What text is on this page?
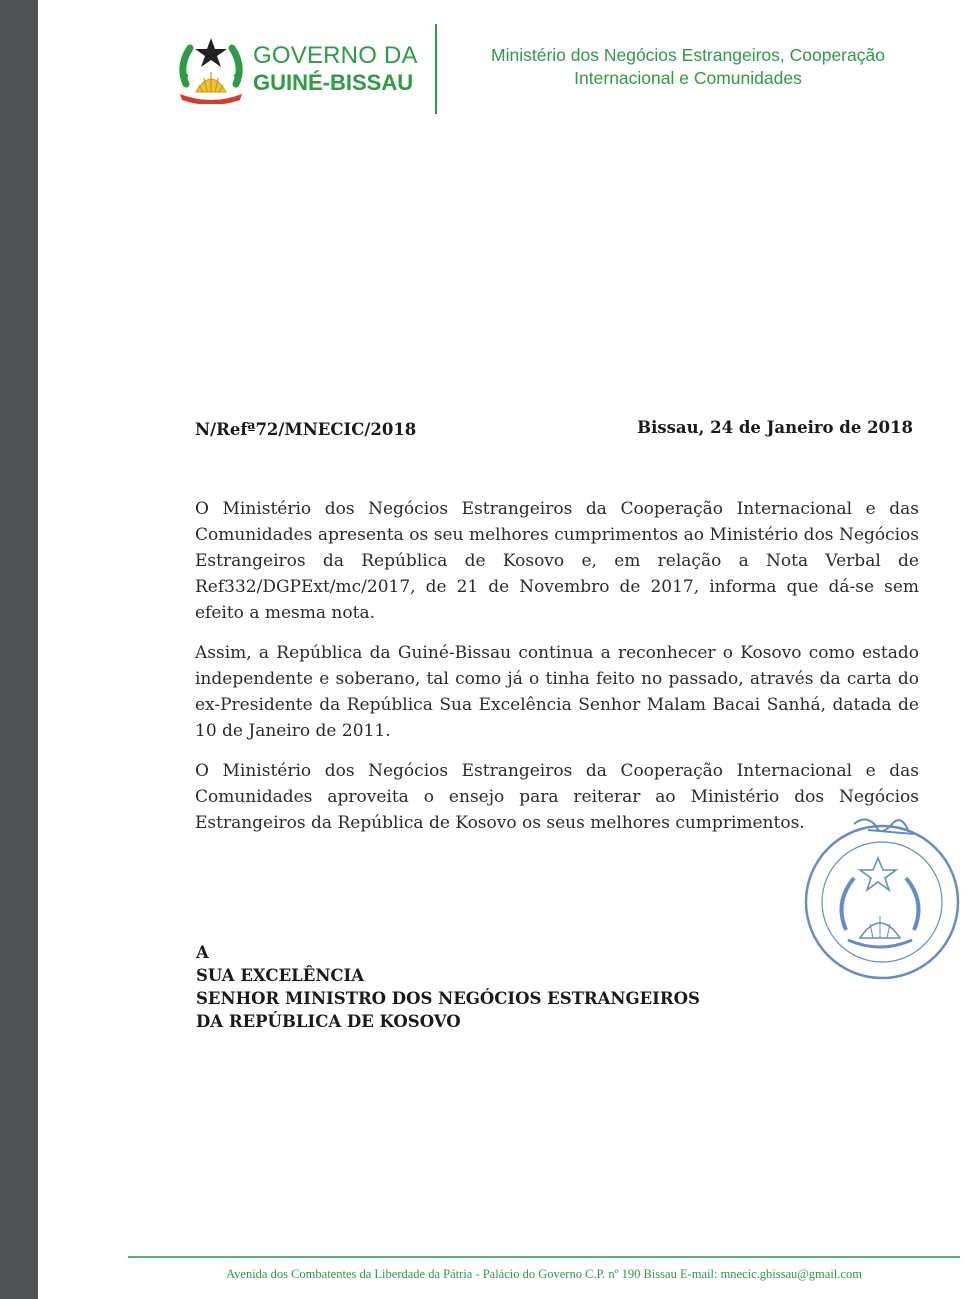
GOVERNO DA
GUINÉ-BISSAU
Ministério dos Negócios Estrangeiros, Cooperação
Internacional e Comunidades
N/Refª72/MNECIC/2018	Bissau, 24 de Janeiro de 2018

O Ministério dos Negócios Estrangeiros da Cooperação Internacional e das Comunidades apresenta os seu melhores cumprimentos ao Ministério dos Negócios Estrangeiros da República de Kosovo e, em relação a Nota Verbal de Ref332/DGPExt/mc/2017, de 21 de Novembro de 2017, informa que dá-se sem efeito a mesma nota.

Assim, a República da Guiné-Bissau continua a reconhecer o Kosovo como estado independente e soberano, tal como já o tinha feito no passado, através da carta do ex-Presidente da República Sua Excelência Senhor Malam Bacai Sanhá, datada de 10 de Janeiro de 2011.

O Ministério dos Negócios Estrangeiros da Cooperação Internacional e das Comunidades aproveita o ensejo para reiterar ao Ministério dos Negócios Estrangeiros da República de Kosovo os seus melhores cumprimentos.

A
SUA EXCELÊNCIA
SENHOR MINISTRO DOS NEGÓCIOS ESTRANGEIROS
DA REPÚBLICA DE KOSOVO
Avenida dos Combatentes da Liberdade da Pátria - Palácio do Governo C.P. nº 190 Bissau E-mail: mnecic.gbissau@gmail.com
